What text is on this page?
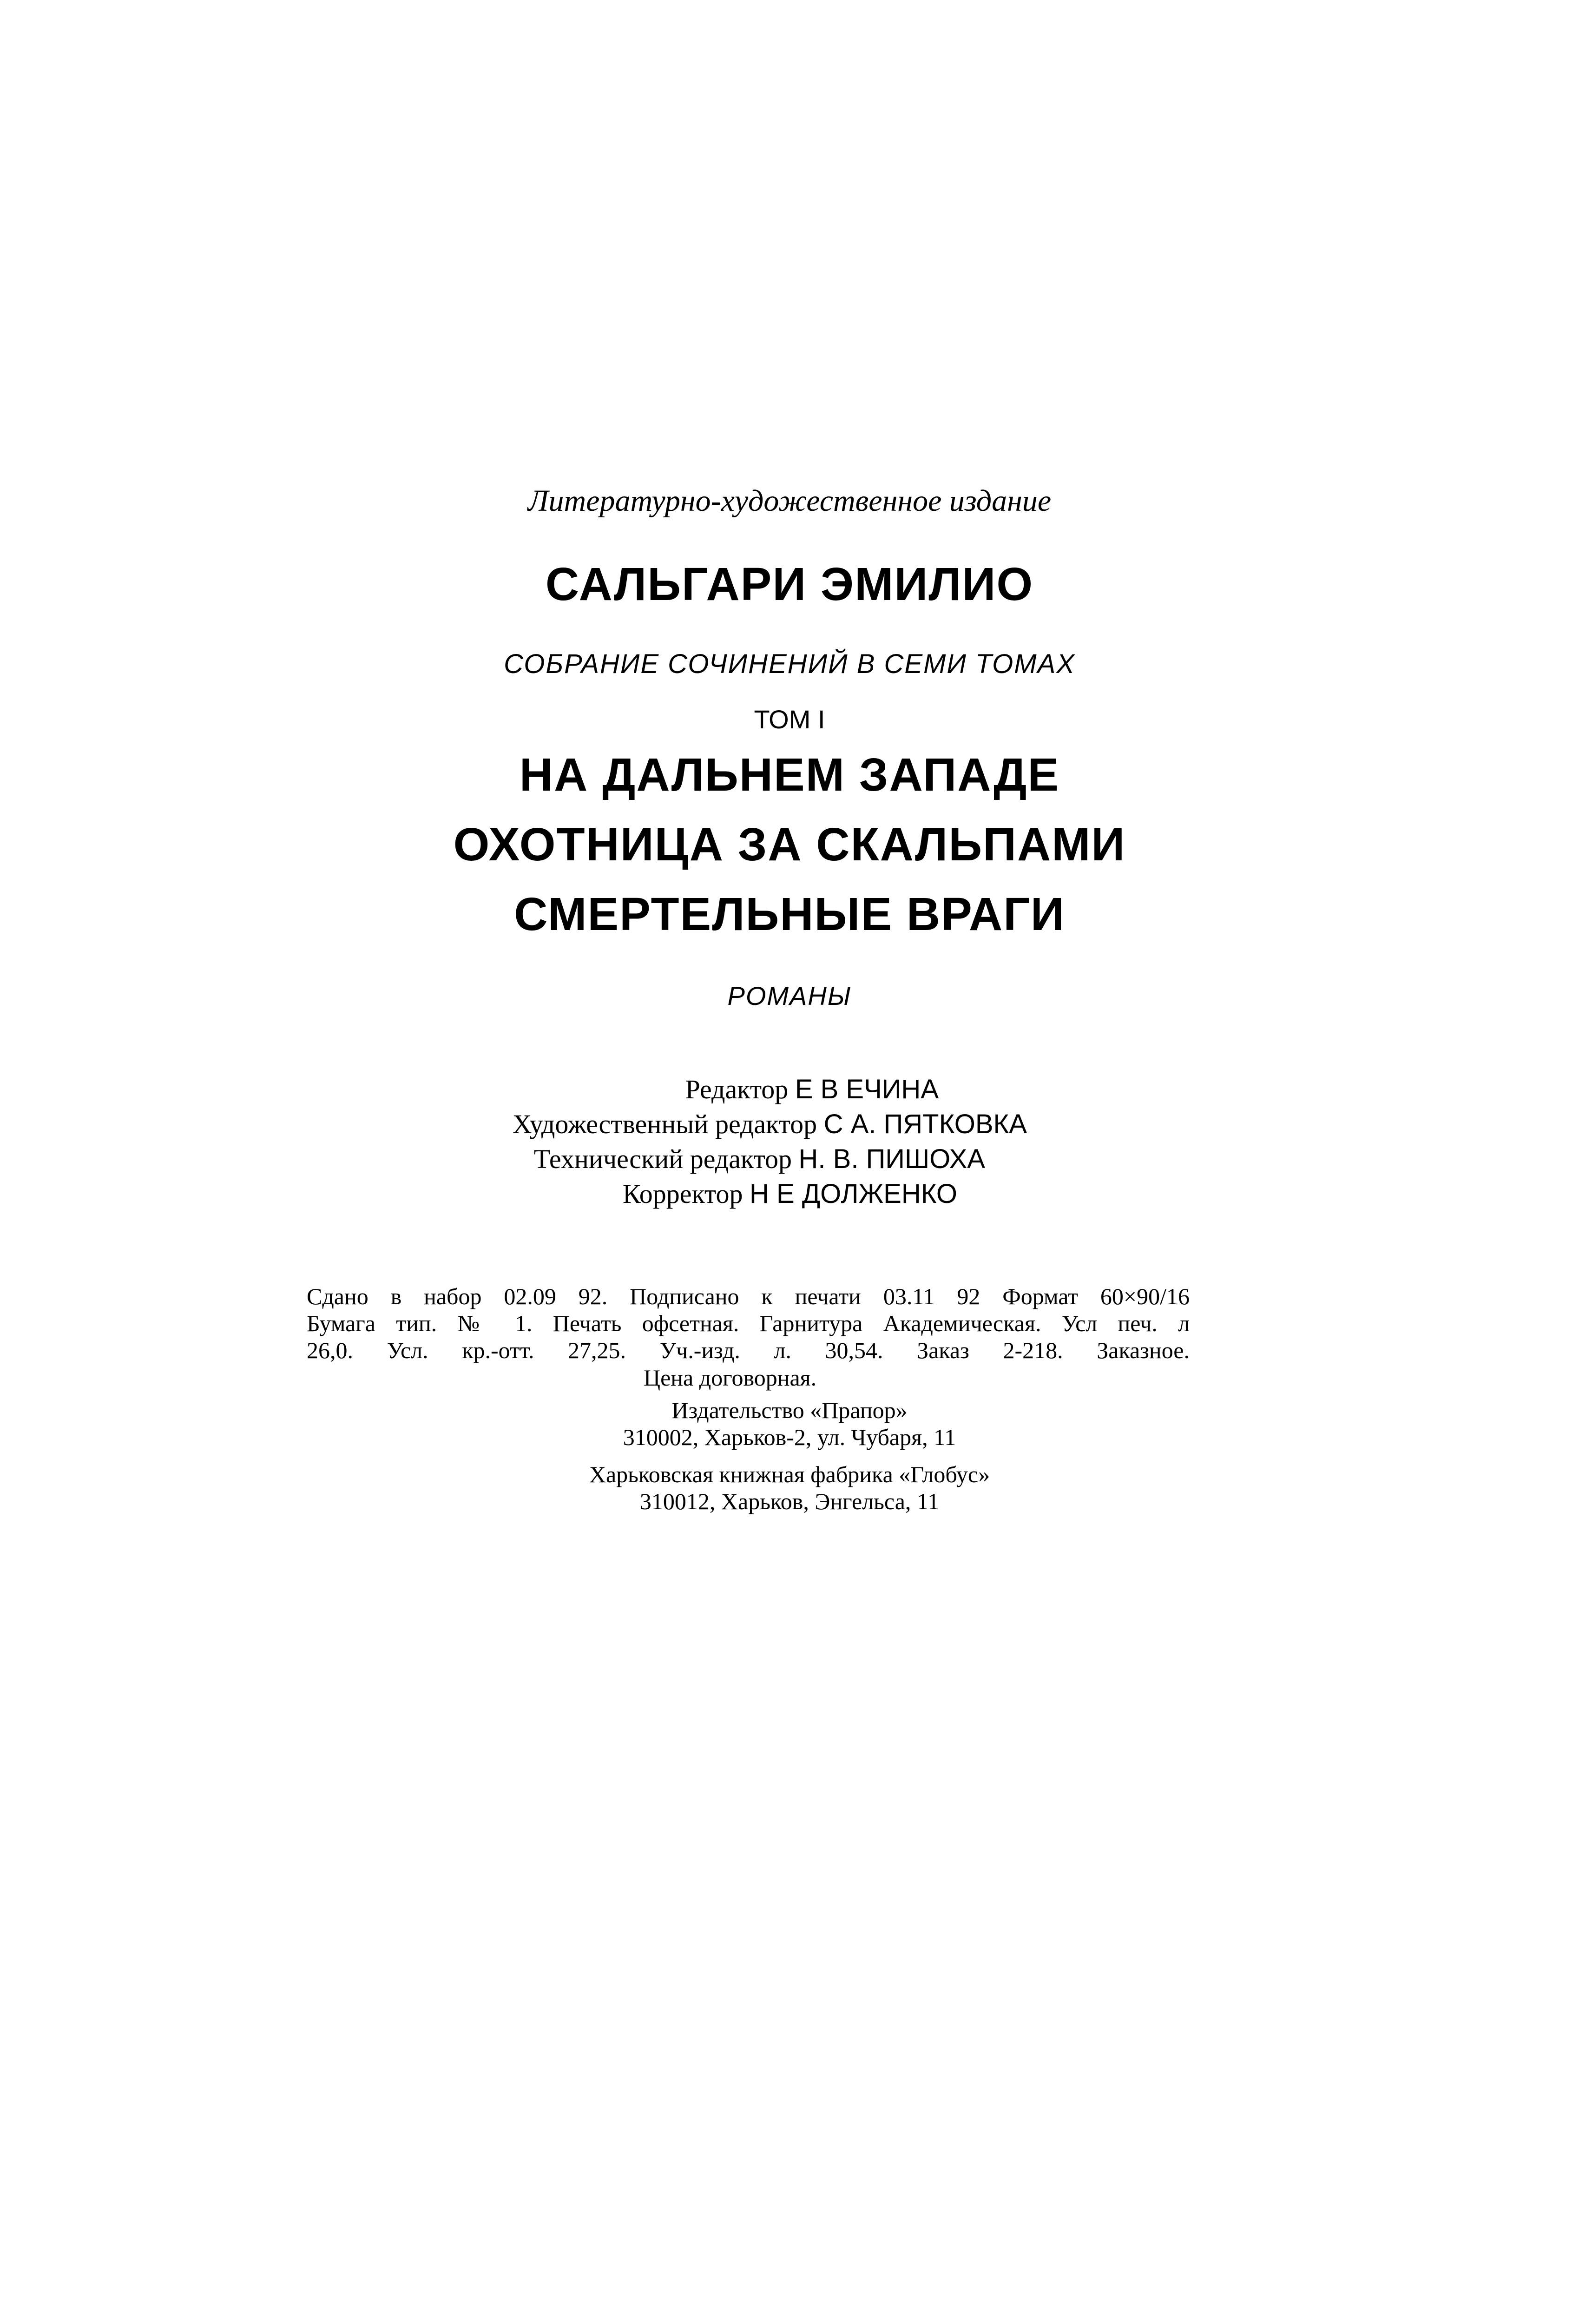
Литературно-художественное издание
САЛЬГАРИ ЭМИЛИО
СОБРАНИЕ СОЧИНЕНИЙ В СЕМИ ТОМАХ
ТОМ I
НА ДАЛЬНЕМ ЗАПАДЕ
ОХОТНИЦА ЗА СКАЛЬПАМИ
СМЕРТЕЛЬНЫЕ ВРАГИ
РОМАНЫ
Редактор Е В ЕЧИНА
Художественный редактор С А. ПЯТКОВКА
Технический редактор Н. В. ПИШОХА
Корректор Н Е ДОЛЖЕНКО
Сдано в набор 02.09 92. Подписано к печати 03.11 92 Формат 60×90/16
Бумага тип. № 1. Печать офсетная. Гарнитура Академическая. Усл печ. л
26,0. Усл. кр.-отт. 27,25. Уч.-изд. л. 30,54. Заказ 2-218. Заказное.
Цена договорная.
Издательство «Прапор»
310002, Харьков-2, ул. Чубаря, 11
Харьковская книжная фабрика «Глобус»
310012, Харьков, Энгельса, 11
